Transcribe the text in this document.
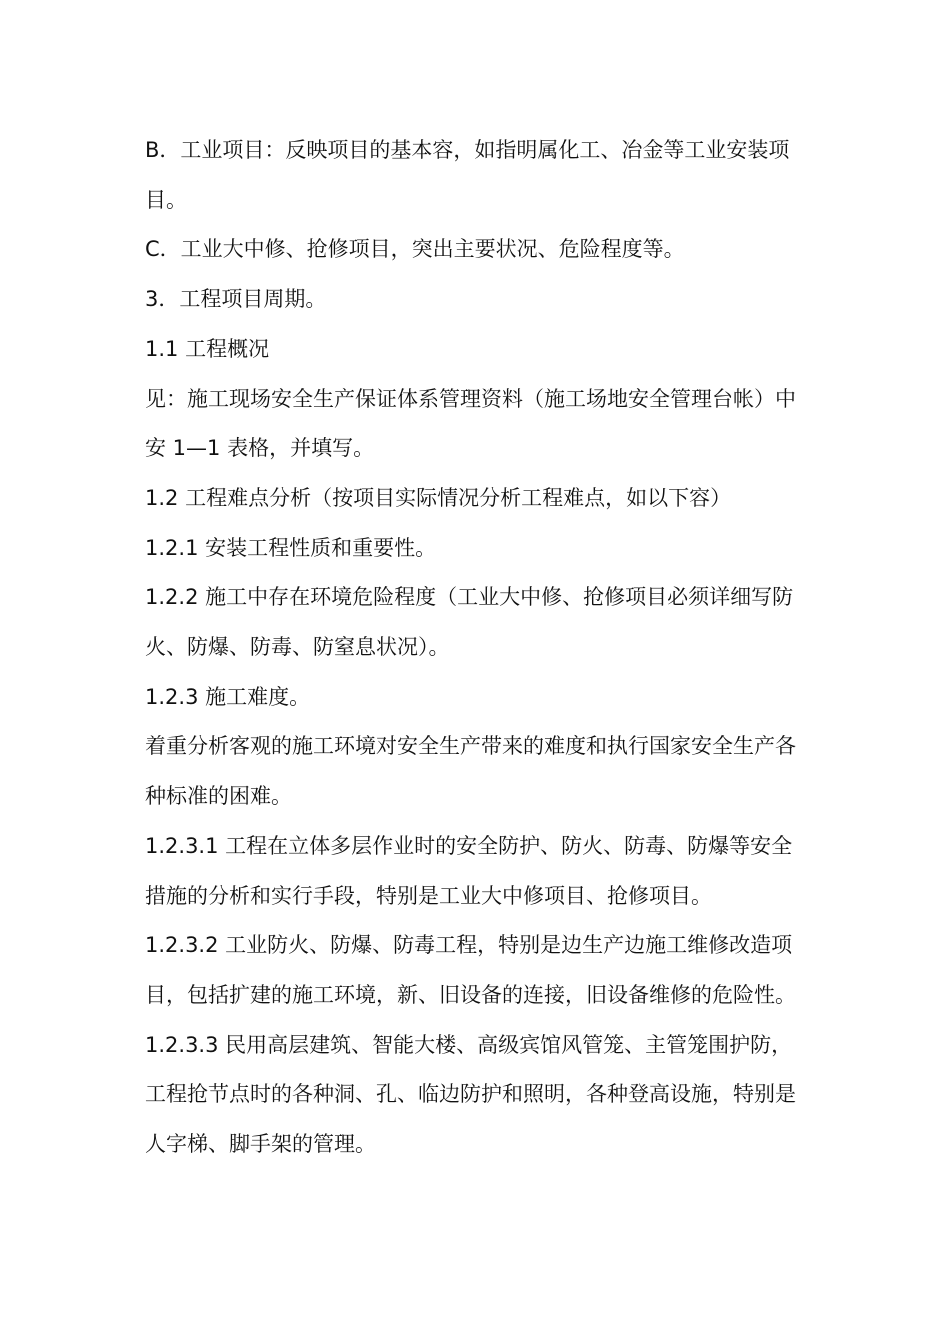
B．工业项目：反映项目的基本容，如指明属化工、冶金等工业安装项目。

C．工业大中修、抢修项目，突出主要状况、危险程度等。

3．工程项目周期。

1.1 工程概况

见：施工现场安全生产保证体系管理资料（施工场地安全管理台帐）中安 1—1 表格，并填写。

1.2 工程难点分析（按项目实际情况分析工程难点，如以下容）

1.2.1 安装工程性质和重要性。

1.2.2 施工中存在环境危险程度（工业大中修、抢修项目必须详细写防火、防爆、防毒、防窒息状况）。

1.2.3 施工难度。

着重分析客观的施工环境对安全生产带来的难度和执行国家安全生产各种标准的困难。

1.2.3.1 工程在立体多层作业时的安全防护、防火、防毒、防爆等安全措施的分析和实行手段，特别是工业大中修项目、抢修项目。

1.2.3.2 工业防火、防爆、防毒工程，特别是边生产边施工维修改造项目，包括扩建的施工环境，新、旧设备的连接，旧设备维修的危险性。

1.2.3.3 民用高层建筑、智能大楼、高级宾馆风管笼、主管笼围护防，工程抢节点时的各种洞、孔、临边防护和照明，各种登高设施，特别是人字梯、脚手架的管理。
